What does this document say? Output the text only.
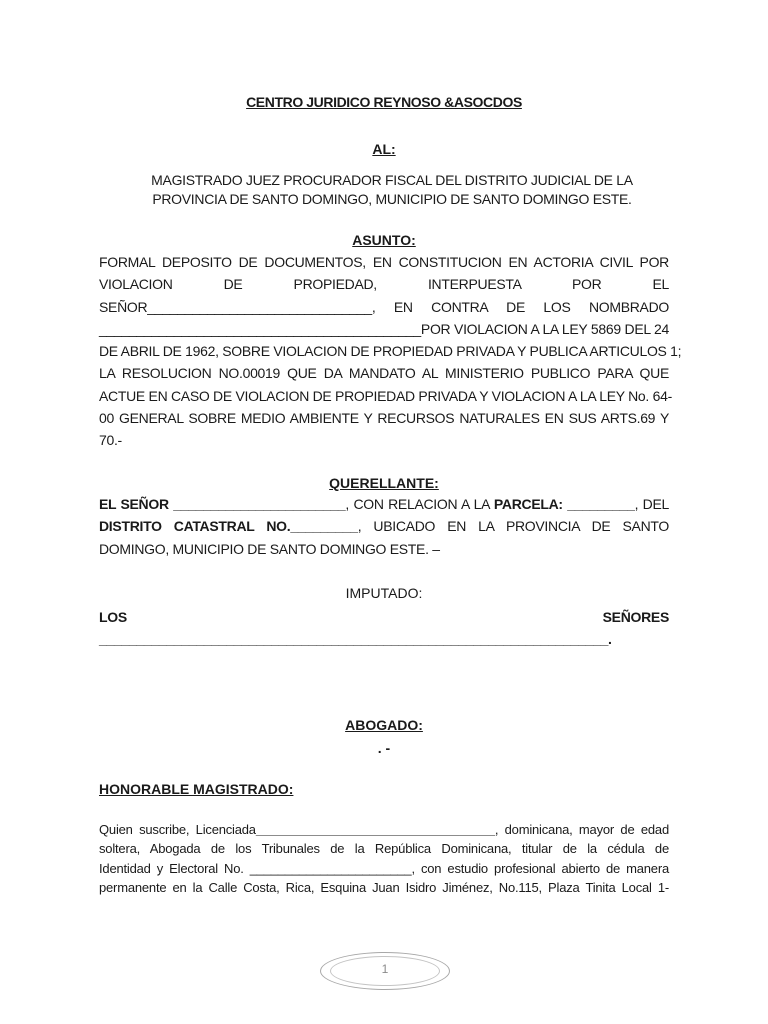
CENTRO JURIDICO REYNOSO &ASOCDOS
AL:
MAGISTRADO JUEZ PROCURADOR FISCAL DEL DISTRITO JUDICIAL DE LA PROVINCIA DE SANTO DOMINGO, MUNICIPIO DE SANTO DOMINGO ESTE.
ASUNTO:
FORMAL DEPOSITO DE DOCUMENTOS, EN CONSTITUCION EN ACTORIA CIVIL POR
VIOLACION DE PROPIEDAD, INTERPUESTA POR EL
SEÑOR______________________________, EN CONTRA DE LOS NOMBRADO
___________________________________________POR VIOLACION A LA LEY 5869 DEL 24
DE ABRIL DE 1962, SOBRE VIOLACION DE PROPIEDAD PRIVADA Y PUBLICA ARTICULOS 1;
LA RESOLUCION NO.00019 QUE DA MANDATO AL MINISTERIO PUBLICO PARA QUE
ACTUE EN CASO DE VIOLACION DE PROPIEDAD PRIVADA Y VIOLACION A LA LEY No. 64-
00 GENERAL SOBRE MEDIO AMBIENTE Y RECURSOS NATURALES EN SUS ARTS.69 Y
70.-
QUERELLANTE:
EL SEÑOR _______________________, CON RELACION A LA PARCELA: _________, DEL
DISTRITO CATASTRAL NO._________, UBICADO EN LA PROVINCIA DE SANTO
DOMINGO, MUNICIPIO DE SANTO DOMINGO ESTE. –
IMPUTADO:
LOS	SEÑORES
____________________________________________________________________.
ABOGADO:
. -
HONORABLE MAGISTRADO:
Quien suscribe, Licenciada__________________________________, dominicana, mayor de edad
soltera, Abogada de los Tribunales de la República Dominicana, titular de la cédula de
Identidad y Electoral No. _______________________, con estudio profesional abierto de manera
permanente en la Calle Costa, Rica, Esquina Juan Isidro Jiménez, No.115, Plaza Tinita Local 1-
1
